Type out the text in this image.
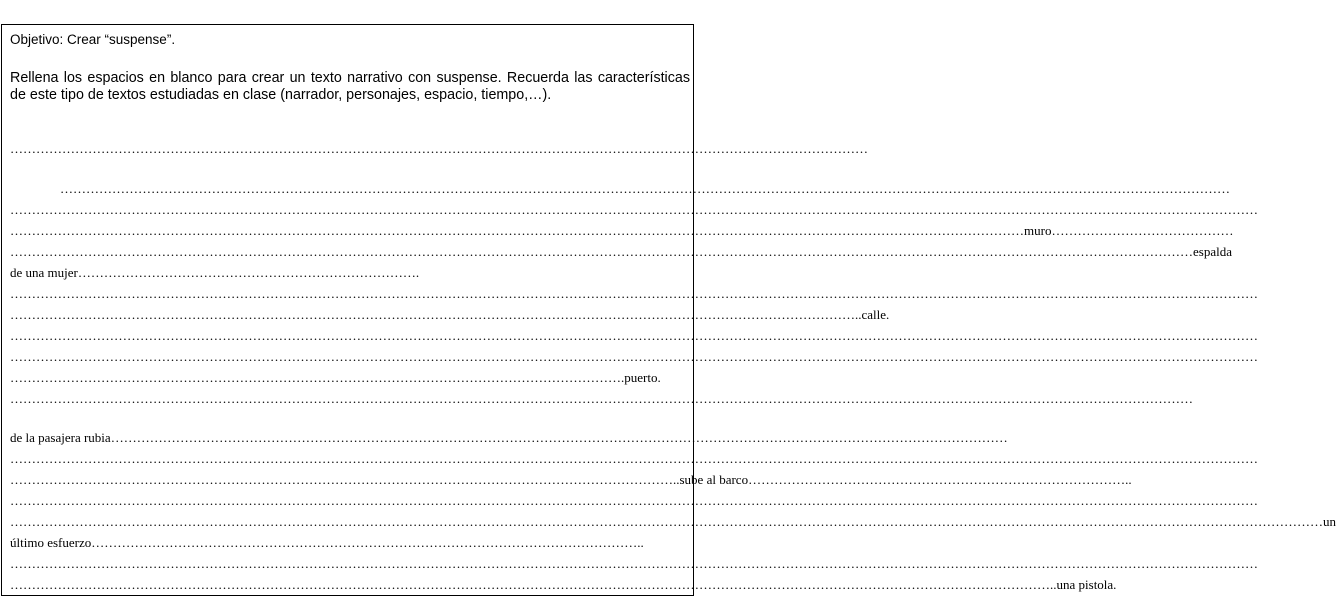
Objetivo: Crear “suspense”.
Rellena los espacios en blanco para crear un texto narrativo con suspense. Recuerda las características de este tipo de textos estudiadas en clase (narrador, personajes, espacio, tiempo,…).
………………………………………………………………………………………………………………………………………………………………………………
………………………………………………………………………………………………………………………………………………………………………………………………………………………………………………
………………………………………………………………………………………………………………………………………………………………………………………………………………………………………………………………
………………………………………………………………………………………………………………………………………………………………………………………………………………muro……………………………………
…………………………………………………………………………………………………………………………………………………………………………………………………………………………………………………espalda
de una mujer…………………………………………………………………….
………………………………………………………………………………………………………………………………………………………………………………………………………………………………………………………………
……………………………………………………………………………………………………………………………………………………………………………..calle.
………………………………………………………………………………………………………………………………………………………………………………………………………………………………………………………………
………………………………………………………………………………………………………………………………………………………………………………………………………………………………………………………………
…………………………………………………………………………………………………………………………….puerto.
…………………………………………………………………………………………………………………………………………………………………………………………………………………………………………………
de la pasajera rubia………………………………………………………………………………………………………………………………………………………………………………………
………………………………………………………………………………………………………………………………………………………………………………………………………………………………………………………………
………………………………………………………………………………………………………………………………………..sube al barco……………………………………………………………………………..
………………………………………………………………………………………………………………………………………………………………………………………………………………………………………………………………
……………………………………………………………………………………………………………………………………………………………………………………………………………………………………………………………………………un
último esfuerzo………………………………………………………………………………………………………………..
………………………………………………………………………………………………………………………………………………………………………………………………………………………………………………………………
……………………………………………………………………………………………………………………………………………………………………………………………………………………..una pistola.
